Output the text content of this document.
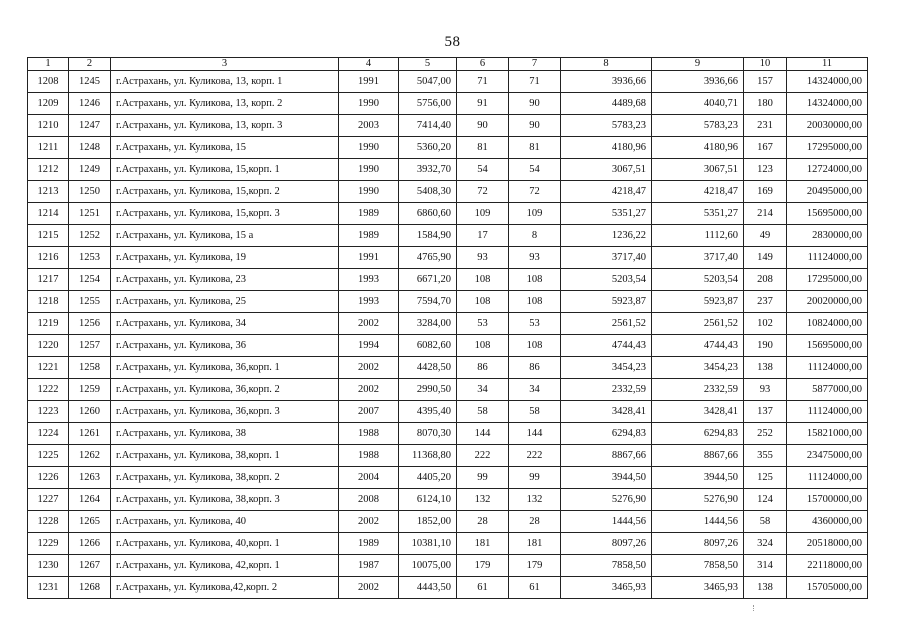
58
1	2	3	4	5	6	7	8	9	10	11
1208	1245	г.Астрахань, ул. Куликова, 13, корп. 1	1991	5047,00	71	71	3936,66	3936,66	157	14324000,00
1209	1246	г.Астрахань, ул. Куликова, 13, корп. 2	1990	5756,00	91	90	4489,68	4040,71	180	14324000,00
1210	1247	г.Астрахань, ул. Куликова, 13, корп. 3	2003	7414,40	90	90	5783,23	5783,23	231	20030000,00
1211	1248	г.Астрахань, ул. Куликова, 15	1990	5360,20	81	81	4180,96	4180,96	167	17295000,00
1212	1249	г.Астрахань, ул. Куликова, 15,корп. 1	1990	3932,70	54	54	3067,51	3067,51	123	12724000,00
1213	1250	г.Астрахань, ул. Куликова, 15,корп. 2	1990	5408,30	72	72	4218,47	4218,47	169	20495000,00
1214	1251	г.Астрахань, ул. Куликова, 15,корп. 3	1989	6860,60	109	109	5351,27	5351,27	214	15695000,00
1215	1252	г.Астрахань, ул. Куликова, 15 а	1989	1584,90	17	8	1236,22	1112,60	49	2830000,00
1216	1253	г.Астрахань, ул. Куликова, 19	1991	4765,90	93	93	3717,40	3717,40	149	11124000,00
1217	1254	г.Астрахань, ул. Куликова, 23	1993	6671,20	108	108	5203,54	5203,54	208	17295000,00
1218	1255	г.Астрахань, ул. Куликова, 25	1993	7594,70	108	108	5923,87	5923,87	237	20020000,00
1219	1256	г.Астрахань, ул. Куликова, 34	2002	3284,00	53	53	2561,52	2561,52	102	10824000,00
1220	1257	г.Астрахань, ул. Куликова, 36	1994	6082,60	108	108	4744,43	4744,43	190	15695000,00
1221	1258	г.Астрахань, ул. Куликова, 36,корп. 1	2002	4428,50	86	86	3454,23	3454,23	138	11124000,00
1222	1259	г.Астрахань, ул. Куликова, 36,корп. 2	2002	2990,50	34	34	2332,59	2332,59	93	5877000,00
1223	1260	г.Астрахань, ул. Куликова, 36,корп. 3	2007	4395,40	58	58	3428,41	3428,41	137	11124000,00
1224	1261	г.Астрахань, ул. Куликова, 38	1988	8070,30	144	144	6294,83	6294,83	252	15821000,00
1225	1262	г.Астрахань, ул. Куликова, 38,корп. 1	1988	11368,80	222	222	8867,66	8867,66	355	23475000,00
1226	1263	г.Астрахань, ул. Куликова, 38,корп. 2	2004	4405,20	99	99	3944,50	3944,50	125	11124000,00
1227	1264	г.Астрахань, ул. Куликова, 38,корп. 3	2008	6124,10	132	132	5276,90	5276,90	124	15700000,00
1228	1265	г.Астрахань, ул. Куликова, 40	2002	1852,00	28	28	1444,56	1444,56	58	4360000,00
1229	1266	г.Астрахань, ул. Куликова, 40,корп. 1	1989	10381,10	181	181	8097,26	8097,26	324	20518000,00
1230	1267	г.Астрахань, ул. Куликова, 42,корп. 1	1987	10075,00	179	179	7858,50	7858,50	314	22118000,00
1231	1268	г.Астрахань, ул. Куликова,42,корп. 2	2002	4443,50	61	61	3465,93	3465,93	138	15705000,00
